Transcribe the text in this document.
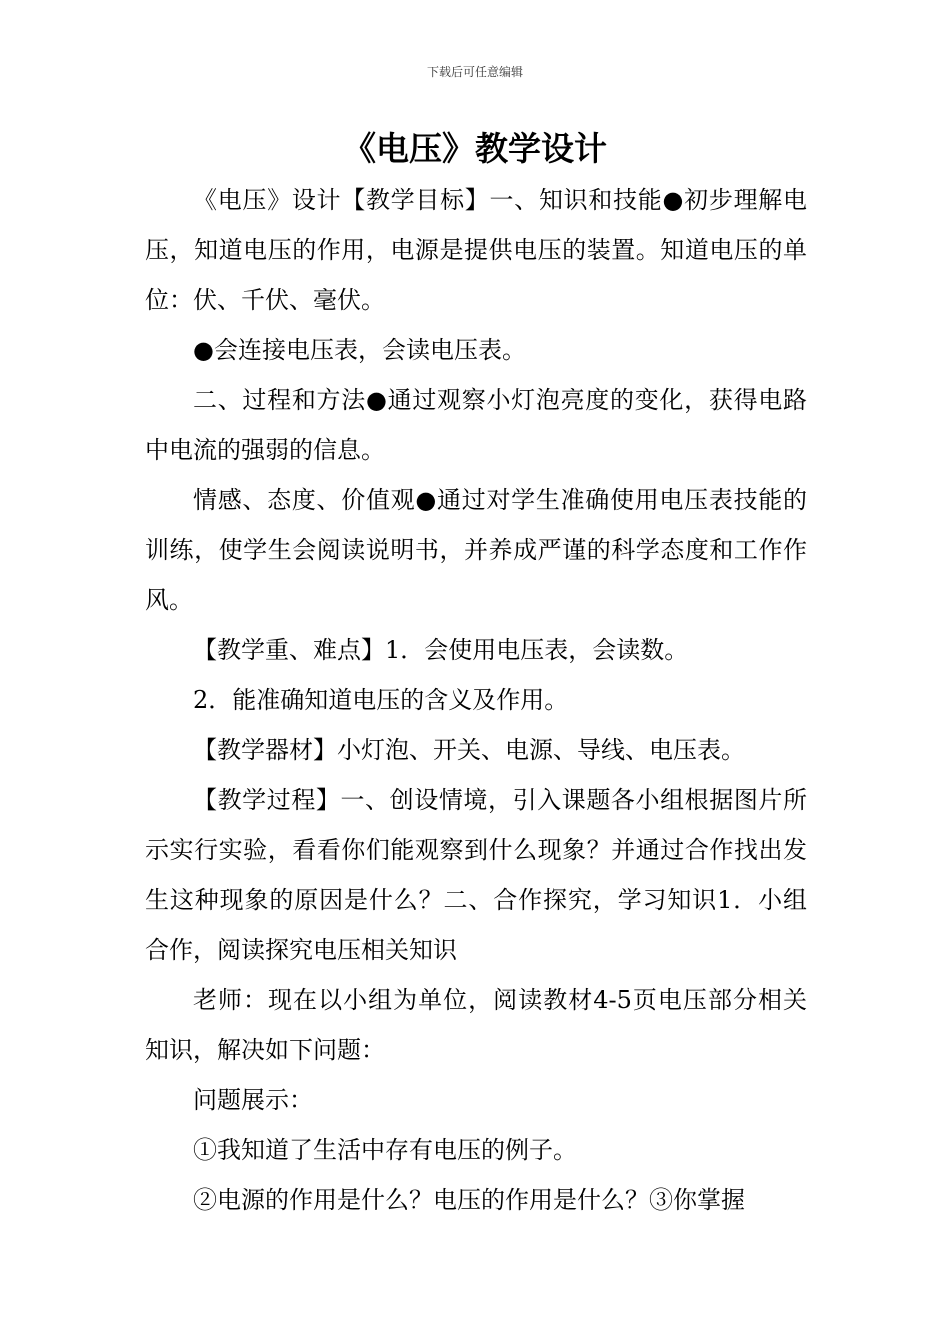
下载后可任意编辑
《电压》教学设计

《电压》设计【教学目标】一、知识和技能●初步理解电压，知道电压的作用，电源是提供电压的装置。知道电压的单位：伏、千伏、毫伏。

●会连接电压表，会读电压表。

二、过程和方法●通过观察小灯泡亮度的变化，获得电路中电流的强弱的信息。

情感、态度、价值观●通过对学生准确使用电压表技能的训练，使学生会阅读说明书，并养成严谨的科学态度和工作作风。

【教学重、难点】1．会使用电压表，会读数。

2．能准确知道电压的含义及作用。

【教学器材】小灯泡、开关、电源、导线、电压表。

【教学过程】一、创设情境，引入课题各小组根据图片所示实行实验，看看你们能观察到什么现象？并通过合作找出发生这种现象的原因是什么？二、合作探究，学习知识1．小组合作，阅读探究电压相关知识

老师：现在以小组为单位，阅读教材4-5页电压部分相关知识，解决如下问题：

问题展示：

①我知道了生活中存有电压的例子。

②电源的作用是什么？电压的作用是什么？③你掌握
